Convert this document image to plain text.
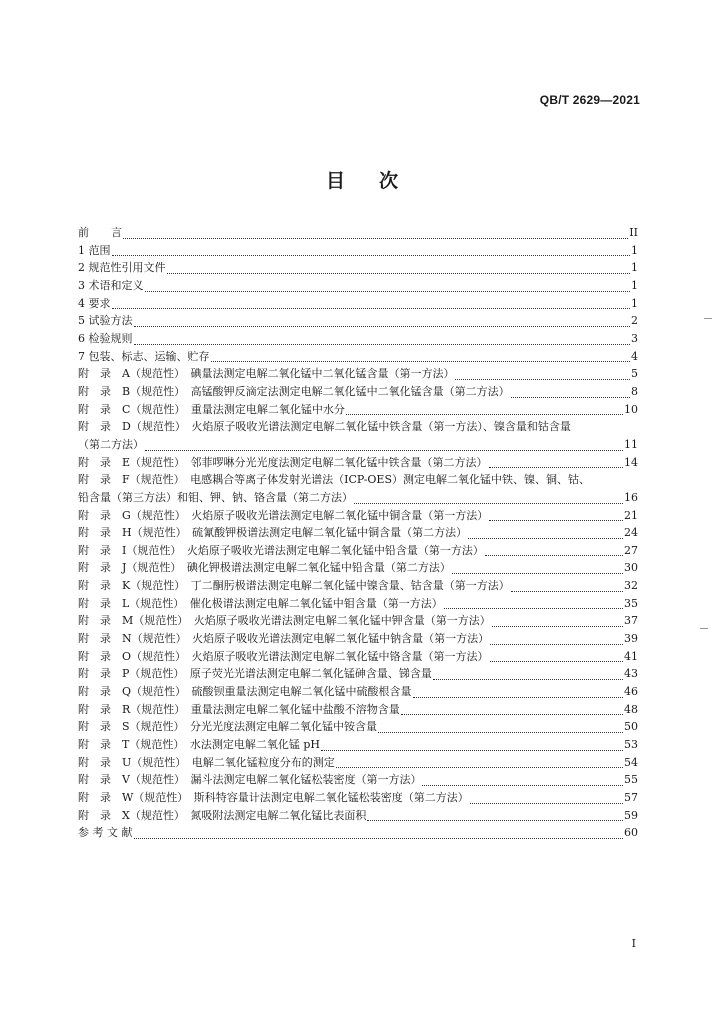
QB/T 2629—2021
目次
前　　言	II
1 范围	1
2 规范性引用文件	1
3 术语和定义	1
4 要求	1
5 试验方法	2
6 检验规则	3
7 包装、标志、运输、贮存	4
附　录　A（规范性）　碘量法测定电解二氧化锰中二氧化锰含量（第一方法）	5
附　录　B（规范性）　高锰酸钾反滴定法测定电解二氧化锰中二氧化锰含量（第二方法）	8
附　录　C（规范性）　重量法测定电解二氧化锰中水分	10
附　录　D（规范性）　火焰原子吸收光谱法测定电解二氧化锰中铁含量（第一方法）、镍含量和钴含量
（第二方法）	11
附　录　E（规范性）　邻菲啰啉分光光度法测定电解二氧化锰中铁含量（第二方法）	14
附　录　F（规范性）　电感耦合等离子体发射光谱法（ICP-OES）测定电解二氧化锰中铁、镍、铜、钴、
铅含量（第三方法）和钼、钾、钠、铬含量（第二方法）	16
附　录　G（规范性）　火焰原子吸收光谱法测定电解二氧化锰中铜含量（第一方法）	21
附　录　H（规范性）　硫氰酸钾极谱法测定电解二氧化锰中铜含量（第二方法）	24
附　录　I（规范性）　火焰原子吸收光谱法测定电解二氧化锰中铅含量（第一方法）	27
附　录　J（规范性）　碘化钾极谱法测定电解二氧化锰中铅含量（第二方法）	30
附　录　K（规范性）　丁二酮肟极谱法测定电解二氧化锰中镍含量、钴含量（第一方法）	32
附　录　L（规范性）　催化极谱法测定电解二氧化锰中钼含量（第一方法）	35
附　录　M（规范性）　火焰原子吸收光谱法测定电解二氧化锰中钾含量（第一方法）	37
附　录　N（规范性）　火焰原子吸收光谱法测定电解二氧化锰中钠含量（第一方法）	39
附　录　O（规范性）　火焰原子吸收光谱法测定电解二氧化锰中铬含量（第一方法）	41
附　录　P（规范性）　原子荧光光谱法测定电解二氧化锰砷含量、锑含量	43
附　录　Q（规范性）　硫酸钡重量法测定电解二氧化锰中硫酸根含量	46
附　录　R（规范性）　重量法测定电解二氧化锰中盐酸不溶物含量	48
附　录　S（规范性）　分光光度法测定电解二氧化锰中铵含量	50
附　录　T（规范性）　水法测定电解二氧化锰 pH	53
附　录　U（规范性）　电解二氧化锰粒度分布的测定	54
附　录　V（规范性）　漏斗法测定电解二氧化锰松装密度（第一方法）	55
附　录　W（规范性）　斯科特容量计法测定电解二氧化锰松装密度（第二方法）	57
附　录　X（规范性）　氮吸附法测定电解二氧化锰比表面积	59
参 考 文 献	60
I
